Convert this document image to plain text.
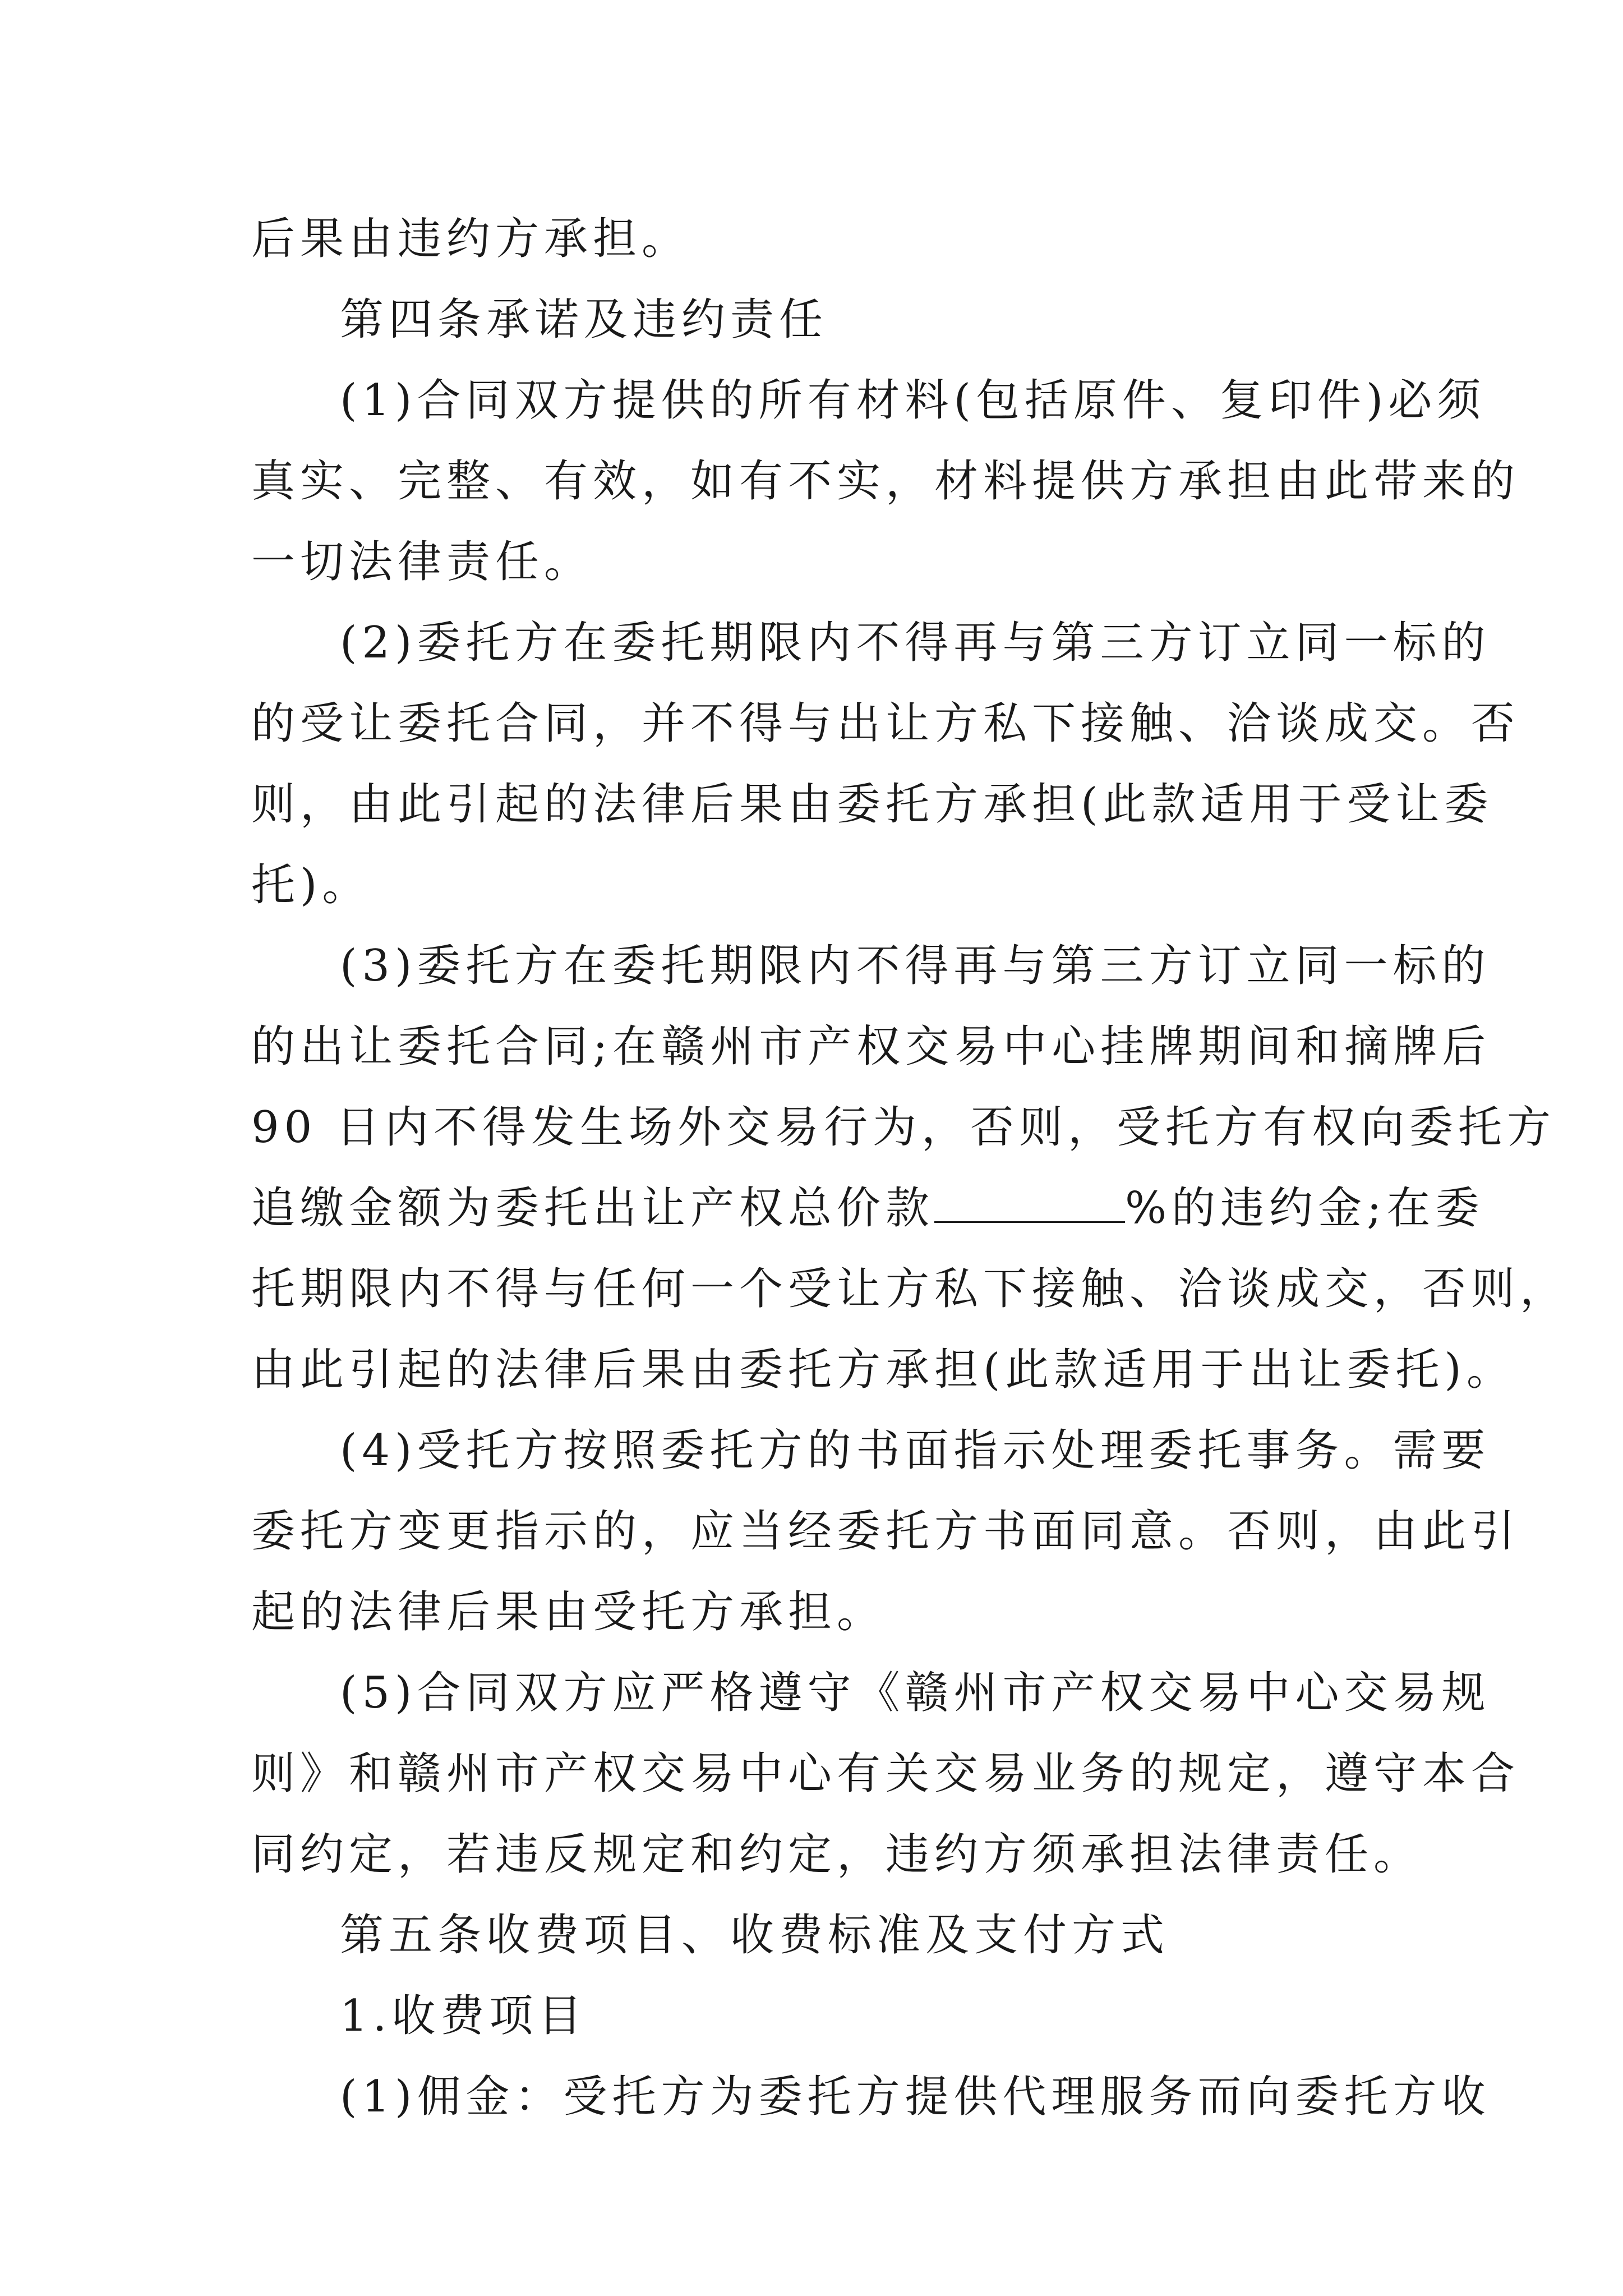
后果由违约方承担。
第四条承诺及违约责任
(1)合同双方提供的所有材料(包括原件、复印件)必须
真实、完整、有效，如有不实，材料提供方承担由此带来的
一切法律责任。
(2)委托方在委托期限内不得再与第三方订立同一标的
的受让委托合同，并不得与出让方私下接触、洽谈成交。否
则，由此引起的法律后果由委托方承担(此款适用于受让委
托)。
(3)委托方在委托期限内不得再与第三方订立同一标的
的出让委托合同;在赣州市产权交易中心挂牌期间和摘牌后
90 日内不得发生场外交易行为，否则，受托方有权向委托方
追缴金额为委托出让产权总价款	%的违约金;在委
托期限内不得与任何一个受让方私下接触、洽谈成交，否则，
由此引起的法律后果由委托方承担(此款适用于出让委托)。
(4)受托方按照委托方的书面指示处理委托事务。需要
委托方变更指示的，应当经委托方书面同意。否则，由此引
起的法律后果由受托方承担。
(5)合同双方应严格遵守《赣州市产权交易中心交易规
则》和赣州市产权交易中心有关交易业务的规定，遵守本合
同约定，若违反规定和约定，违约方须承担法律责任。
第五条收费项目、收费标准及支付方式
1.收费项目
(1)佣金：受托方为委托方提供代理服务而向委托方收
